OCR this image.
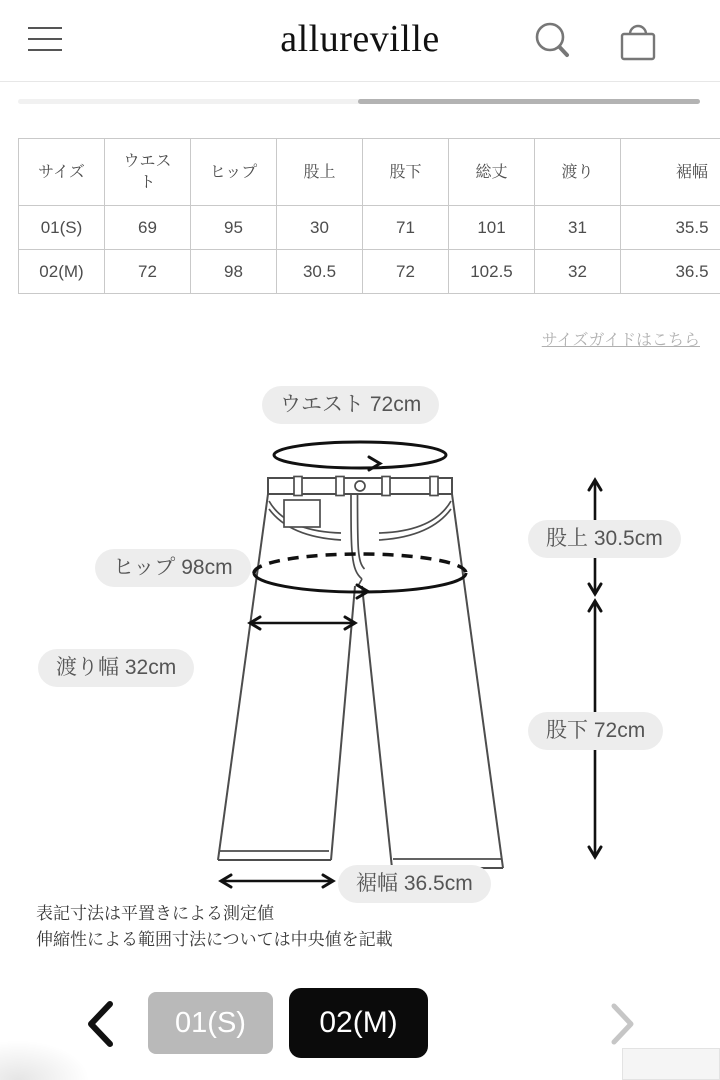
allureville
サイズ	ウエスト	ヒップ	股上	股下	総丈	渡り	裾幅
01(S)	69	95	30	71	101	31	35.5
02(M)	72	98	30.5	72	102.5	32	36.5
サイズガイドはこちら
ウエスト 72cm
ヒップ 98cm
渡り幅 32cm
股上 30.5cm
股下 72cm
裾幅 36.5cm
表記寸法は平置きによる測定値
伸縮性による範囲寸法については中央値を記載
01(S)	02(M)
